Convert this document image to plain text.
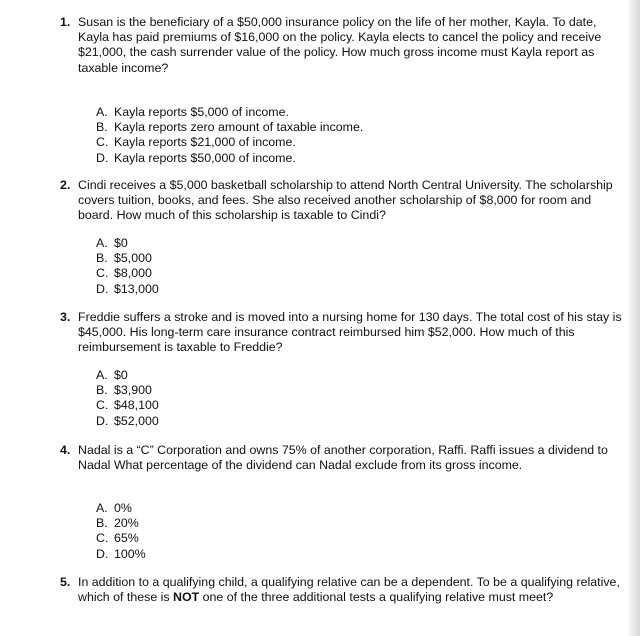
1. Susan is the beneficiary of a $50,000 insurance policy on the life of her mother, Kayla. To date, Kayla has paid premiums of $16,000 on the policy. Kayla elects to cancel the policy and receive $21,000, the cash surrender value of the policy. How much gross income must Kayla report as taxable income?

A. Kayla reports $5,000 of income.
B. Kayla reports zero amount of taxable income.
C. Kayla reports $21,000 of income.
D. Kayla reports $50,000 of income.
2. Cindi receives a $5,000 basketball scholarship to attend North Central University. The scholarship covers tuition, books, and fees. She also received another scholarship of $8,000 for room and board. How much of this scholarship is taxable to Cindi?

A. $0
B. $5,000
C. $8,000
D. $13,000
3. Freddie suffers a stroke and is moved into a nursing home for 130 days. The total cost of his stay is $45,000. His long-term care insurance contract reimbursed him $52,000. How much of this reimbursement is taxable to Freddie?

A. $0
B. $3,900
C. $48,100
D. $52,000
4. Nadal is a “C” Corporation and owns 75% of another corporation, Raffi. Raffi issues a dividend to Nadal What percentage of the dividend can Nadal exclude from its gross income.

A. 0%
B. 20%
C. 65%
D. 100%
5. In addition to a qualifying child, a qualifying relative can be a dependent. To be a qualifying relative, which of these is NOT one of the three additional tests a qualifying relative must meet?
